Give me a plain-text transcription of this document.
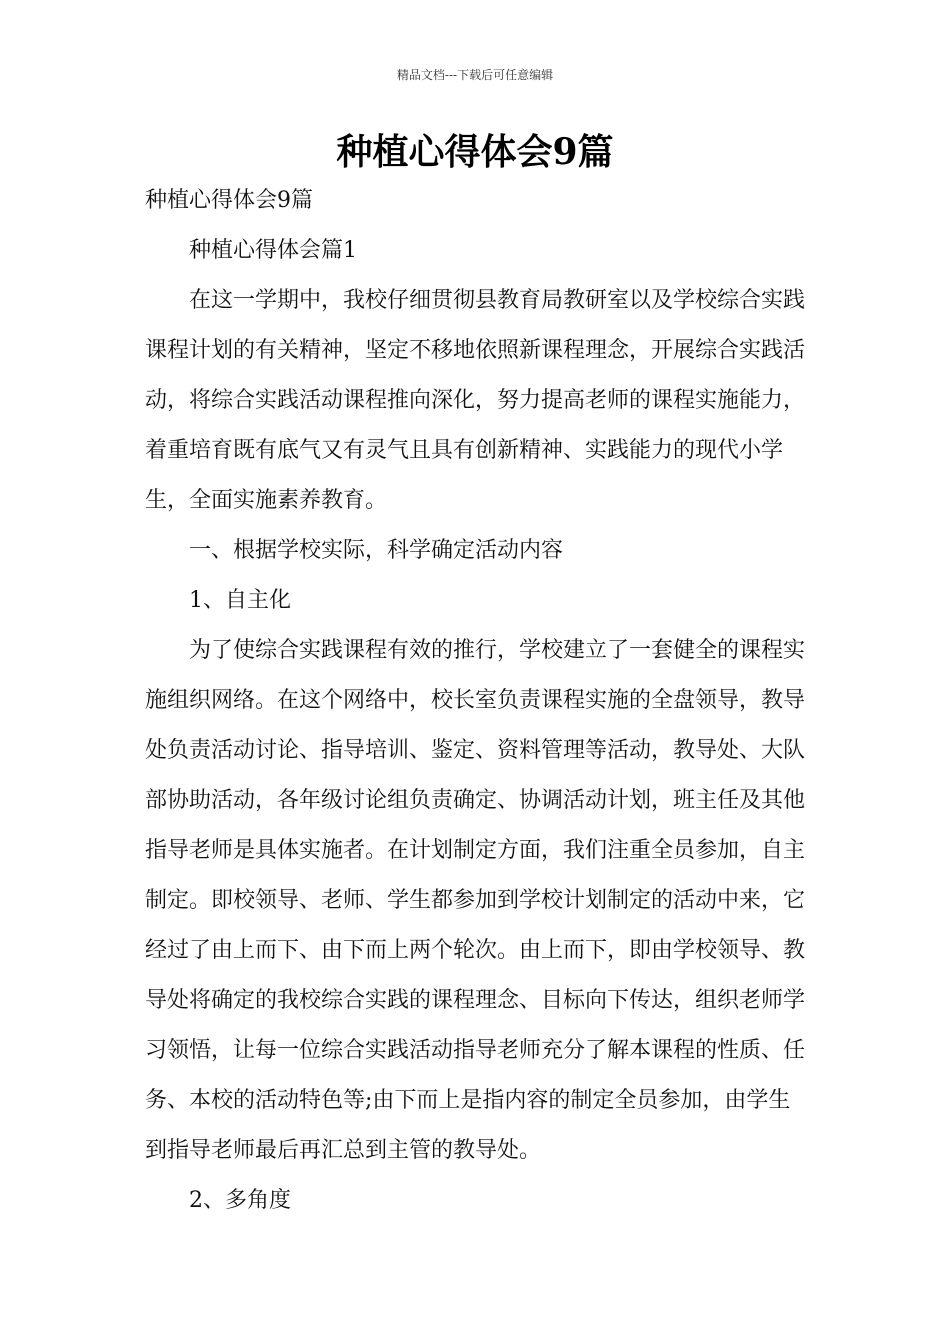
精品文档---下载后可任意编辑
种植心得体会9篇

种植心得体会9篇

种植心得体会篇1

在这一学期中，我校仔细贯彻县教育局教研室以及学校综合实践课程计划的有关精神，坚定不移地依照新课程理念，开展综合实践活动，将综合实践活动课程推向深化，努力提高老师的课程实施能力，着重培育既有底气又有灵气且具有创新精神、实践能力的现代小学生，全面实施素养教育。

一、根据学校实际，科学确定活动内容

1、自主化

为了使综合实践课程有效的推行，学校建立了一套健全的课程实施组织网络。在这个网络中，校长室负责课程实施的全盘领导，教导处负责活动讨论、指导培训、鉴定、资料管理等活动，教导处、大队部协助活动，各年级讨论组负责确定、协调活动计划，班主任及其他指导老师是具体实施者。在计划制定方面，我们注重全员参加，自主制定。即校领导、老师、学生都参加到学校计划制定的活动中来，它经过了由上而下、由下而上两个轮次。由上而下，即由学校领导、教导处将确定的我校综合实践的课程理念、目标向下传达，组织老师学习领悟，让每一位综合实践活动指导老师充分了解本课程的性质、任务、本校的活动特色等;由下而上是指内容的制定全员参加，由学生到指导老师最后再汇总到主管的教导处。

2、多角度
